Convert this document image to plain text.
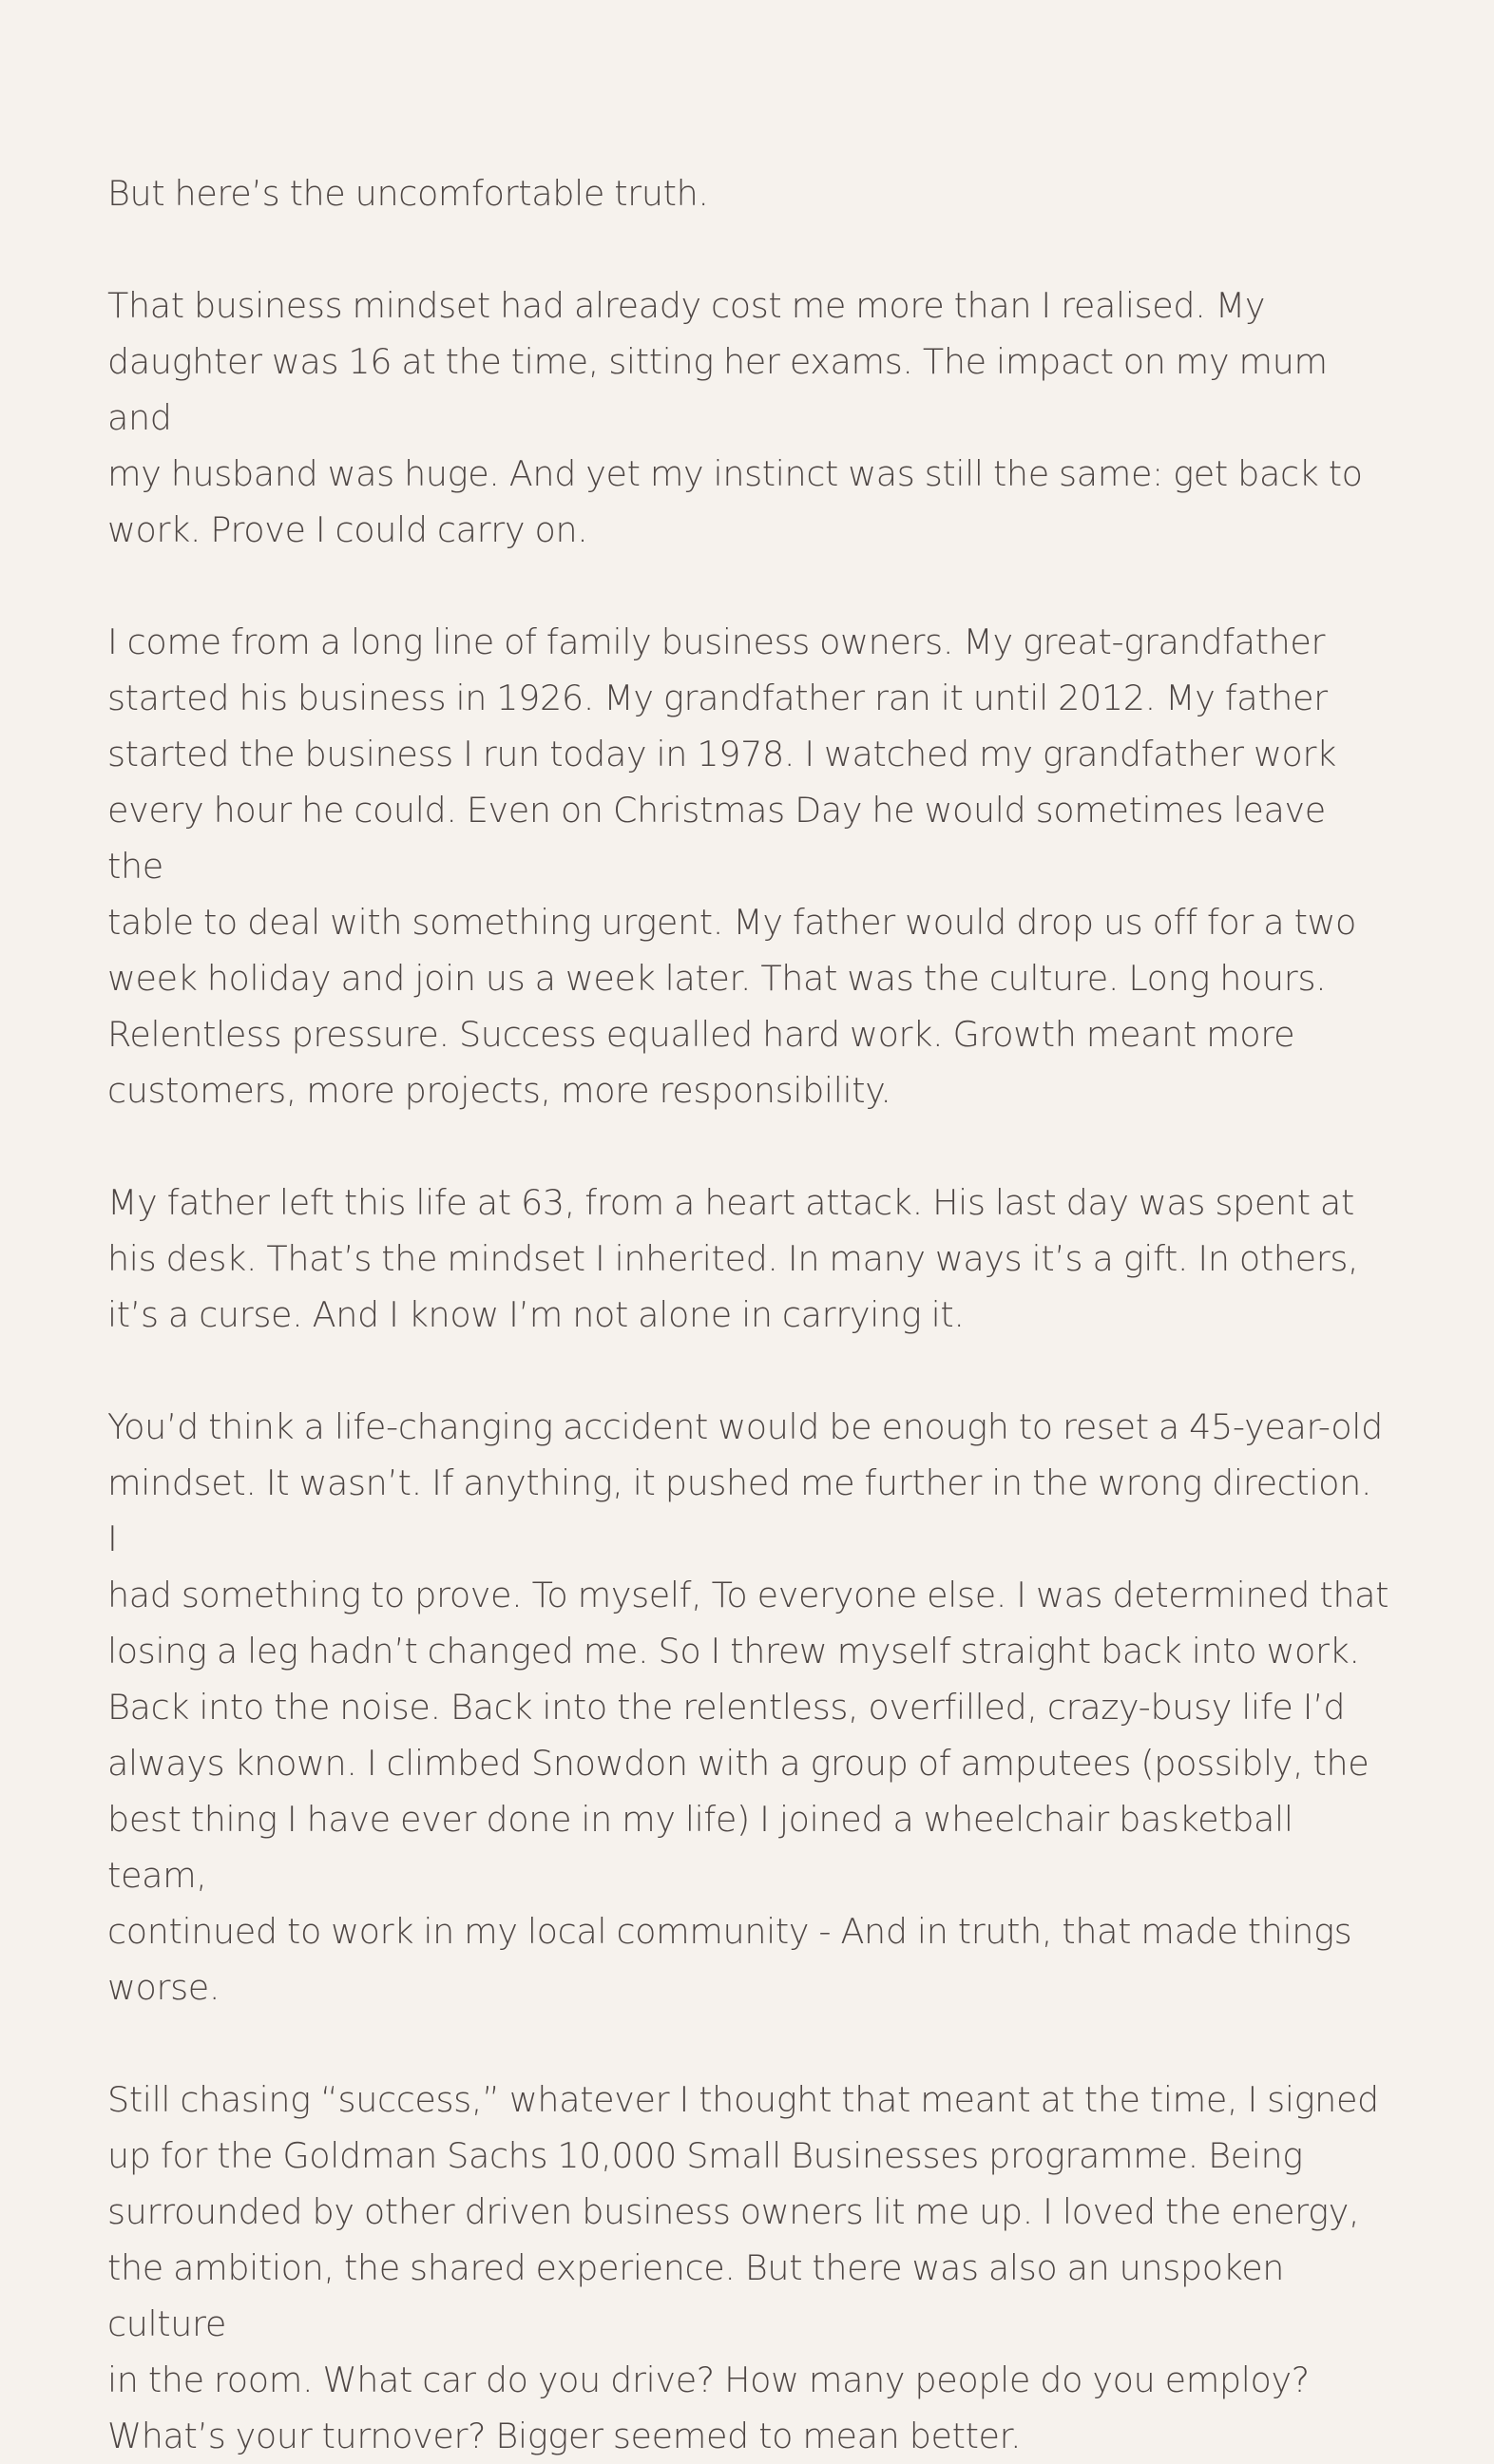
But here’s the uncomfortable truth.

That business mindset had already cost me more than I realised. My
daughter was 16 at the time, sitting her exams. The impact on my mum and
my husband was huge. And yet my instinct was still the same: get back to
work. Prove I could carry on.

I come from a long line of family business owners. My great-grandfather
started his business in 1926. My grandfather ran it until 2012. My father
started the business I run today in 1978. I watched my grandfather work
every hour he could. Even on Christmas Day he would sometimes leave the
table to deal with something urgent. My father would drop us off for a two
week holiday and join us a week later. That was the culture. Long hours.
Relentless pressure. Success equalled hard work. Growth meant more
customers, more projects, more responsibility.

My father left this life at 63, from a heart attack. His last day was spent at
his desk. That’s the mindset I inherited. In many ways it’s a gift. In others,
it’s a curse. And I know I’m not alone in carrying it.

You’d think a life-changing accident would be enough to reset a 45-year-old
mindset. It wasn’t. If anything, it pushed me further in the wrong direction. I
had something to prove. To myself, To everyone else. I was determined that
losing a leg hadn’t changed me. So I threw myself straight back into work.
Back into the noise. Back into the relentless, overfilled, crazy-busy life I’d
always known. I climbed Snowdon with a group of amputees (possibly, the
best thing I have ever done in my life) I joined a wheelchair basketball team,
continued to work in my local community - And in truth, that made things
worse.

Still chasing “success,” whatever I thought that meant at the time, I signed
up for the Goldman Sachs 10,000 Small Businesses programme. Being
surrounded by other driven business owners lit me up. I loved the energy,
the ambition, the shared experience. But there was also an unspoken culture
in the room. What car do you drive? How many people do you employ?
What’s your turnover? Bigger seemed to mean better.
